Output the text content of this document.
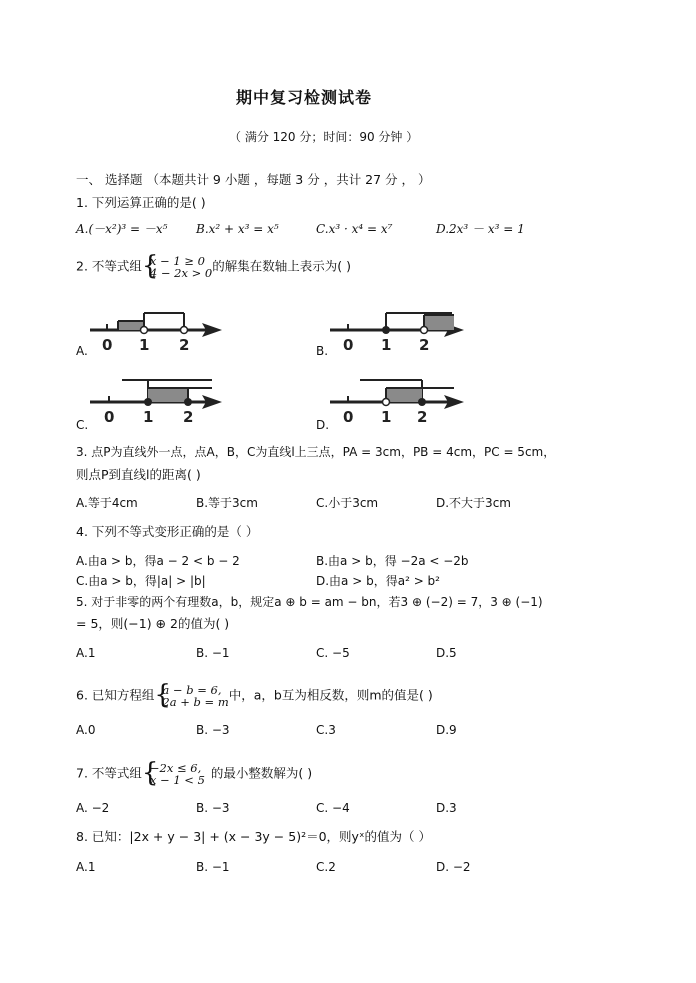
期中复习检测试卷
（ 满分 120 分；时间：90 分钟 ）
一、 选择题 （本题共计 9 小题 ，每题 3 分 ，共计 27 分 ， ）
1. 下列运算正确的是( )
A.(－x²)³ = －x⁵ B.x² + x³ = x⁵	C.x³ · x⁴ = x⁷	D.2x³ － x³ = 1
2. 不等式组 {
x − 1 ≥ 0
4 − 2x > 0 的解集在数轴上表示为( )
0 1 2
A.	0 1 2
B.
0 1 2
C.	0 1 2
D.
3. 点P为直线外一点，点A，B，C为直线l上三点，PA = 3cm，PB = 4cm，PC = 5cm，
则点P到直线l的距离( )
A.等于4cm	B.等于3cm	C.小于3cm	D.不大于3cm
4. 下列不等式变形正确的是（ ）
A.由a > b，得a − 2 < b − 2	B.由a > b，得 −2a < −2b
C.由a > b，得|a| > |b|	D.由a > b，得a² > b²
5. 对于非零的两个有理数a，b，规定a ⊕ b = am − bn，若3 ⊕ (−2) = 7，3 ⊕ (−1)
= 5，则(−1) ⊕ 2的值为( )
A.1	B. −1	C. −5	D.5
6. 已知方程组 {
a − b = 6,
2a + b = m 中，a，b互为相反数，则m的值是( )
A.0	B. −3	C.3	D.9
7. 不等式组 {
−2x ≤ 6,
x − 1 < 5 的最小整数解为( )
A. −2	B. −3	C. −4	D.3
8. 已知：|2x + y − 3| + (x − 3y − 5)²＝0，则yˣ的值为（ ）
A.1	B. −1	C.2	D. −2
